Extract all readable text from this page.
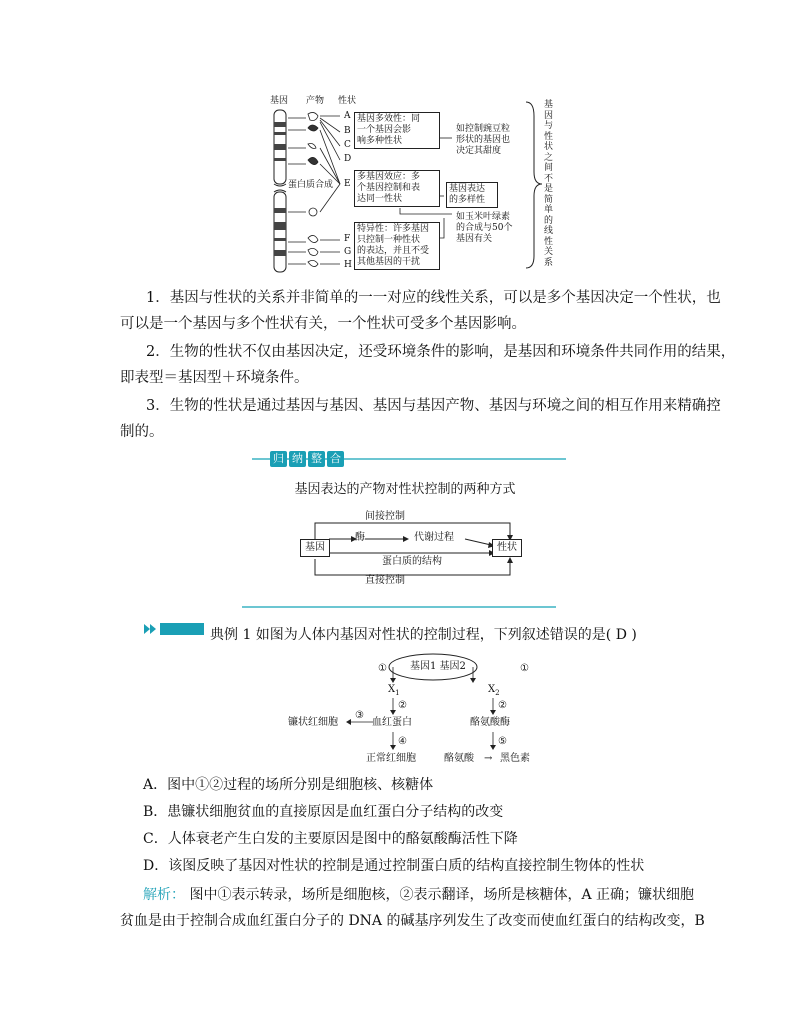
基因 产物 性状
A
B
C
D
E
F
G
H
蛋白质合成
基因多效性：同
一个基因会影
响多种性状
如控制豌豆粒
形状的基因也
决定其甜度
多基因效应：多
个基因控制和表
达同一性状
基因表达
的多样性
如玉米叶绿素
的合成与50个
基因有关
特异性：许多基因
只控制一种性状
的表达，并且不受
其他基因的干扰
基因与性状之间不是简单的线性关系
1．基因与性状的关系并非简单的一一对应的线性关系，可以是多个基因决定一个性状，也
可以是一个基因与多个性状有关，一个性状可受多个基因影响。
2．生物的性状不仅由基因决定，还受环境条件的影响，是基因和环境条件共同作用的结果，
即表型＝基因型＋环境条件。
3．生物的性状是通过基因与基因、基因与基因产物、基因与环境之间的相互作用来精确控
制的。
归 纳 整 合
基因表达的产物对性状控制的两种方式
间接控制
基因
酶	代谢过程
性状
蛋白质的结构
直接控制
典例 1 如图为人体内基因对性状的控制过程，下列叙述错误的是( D )
基因1 基因2
①	①
$X_1$	$X_2$
②	②
③
镰状红细胞	血红蛋白	酪氨酸酶
④	⑤
正常红细胞	酪氨酸 → 黑色素
A．图中①②过程的场所分别是细胞核、核糖体
B．患镰状细胞贫血的直接原因是血红蛋白分子结构的改变
C．人体衰老产生白发的主要原因是图中的酪氨酸酶活性下降
D．该图反映了基因对性状的控制是通过控制蛋白质的结构直接控制生物体的性状
解析： 图中①表示转录，场所是细胞核，②表示翻译，场所是核糖体，A 正确；镰状细胞
贫血是由于控制合成血红蛋白分子的 DNA 的碱基序列发生了改变而使血红蛋白的结构改变，B
